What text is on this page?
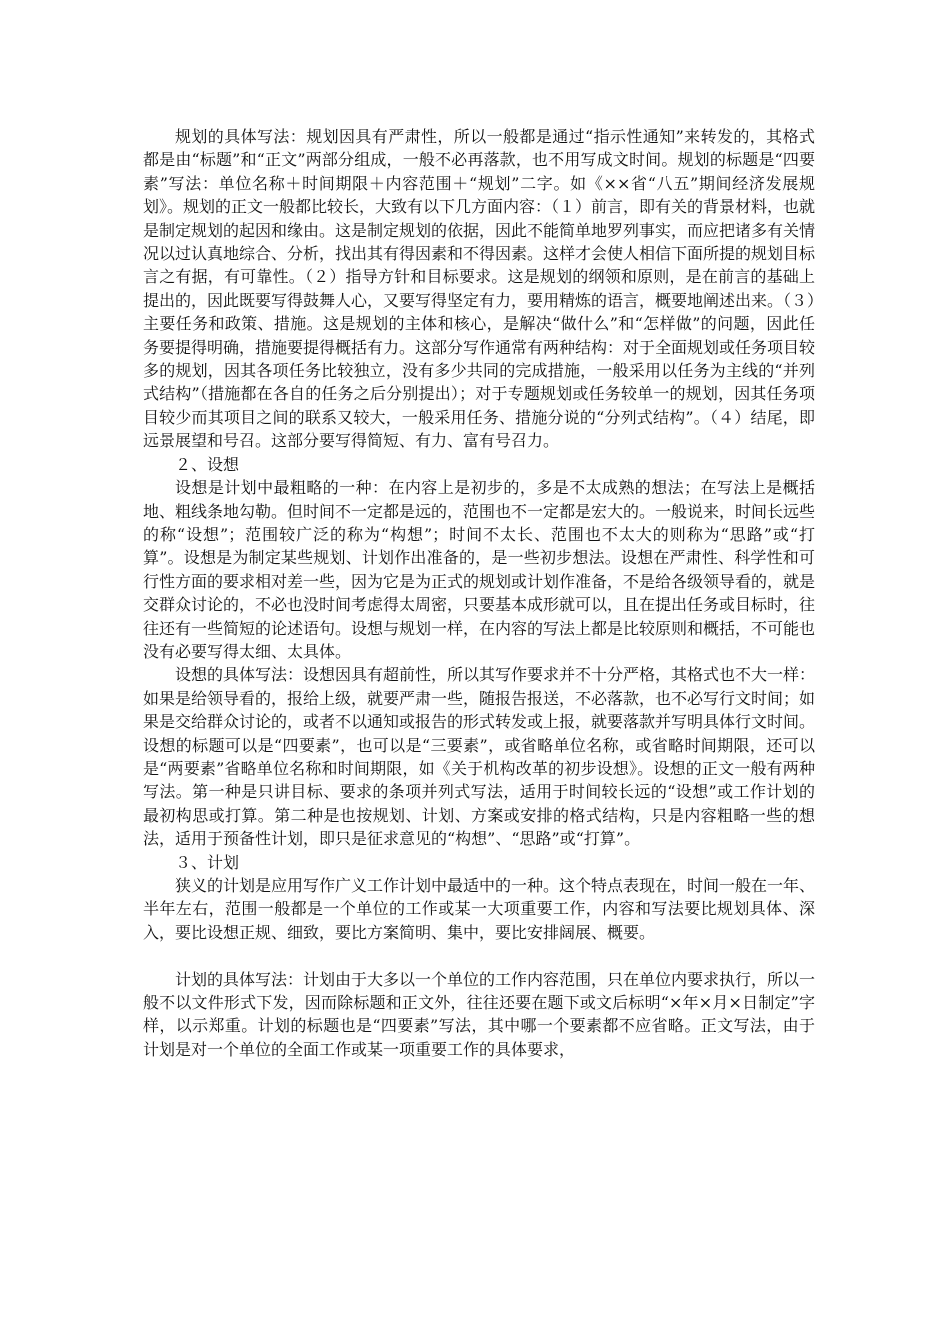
规划的具体写法：规划因具有严肃性，所以一般都是通过“指示性通知”来转发的，其格式都是由“标题”和“正文”两部分组成，一般不必再落款，也不用写成文时间。规划的标题是“四要素”写法：单位名称＋时间期限＋内容范围＋“规划”二字。如《××省“八五”期间经济发展规划》。规划的正文一般都比较长，大致有以下几方面内容：（１）前言，即有关的背景材料，也就是制定规划的起因和缘由。这是制定规划的依据，因此不能简单地罗列事实，而应把诸多有关情况以过认真地综合、分析，找出其有得因素和不得因素。这样才会使人相信下面所提的规划目标言之有据，有可靠性。（２）指导方针和目标要求。这是规划的纲领和原则，是在前言的基础上提出的，因此既要写得鼓舞人心，又要写得坚定有力，要用精炼的语言，概要地阐述出来。（３）主要任务和政策、措施。这是规划的主体和核心，是解决“做什么”和“怎样做”的问题，因此任务要提得明确，措施要提得概括有力。这部分写作通常有两种结构：对于全面规划或任务项目较多的规划，因其各项任务比较独立，没有多少共同的完成措施，一般采用以任务为主线的“并列式结构”（措施都在各自的任务之后分别提出）；对于专题规划或任务较单一的规划，因其任务项目较少而其项目之间的联系又较大，一般采用任务、措施分说的“分列式结构”。（４）结尾，即远景展望和号召。这部分要写得简短、有力、富有号召力。

２、设想

设想是计划中最粗略的一种：在内容上是初步的，多是不太成熟的想法；在写法上是概括地、粗线条地勾勒。但时间不一定都是远的，范围也不一定都是宏大的。一般说来，时间长远些的称“设想”；范围较广泛的称为“构想”；时间不太长、范围也不太大的则称为“思路”或“打算”。设想是为制定某些规划、计划作出准备的，是一些初步想法。设想在严肃性、科学性和可行性方面的要求相对差一些，因为它是为正式的规划或计划作准备，不是给各级领导看的，就是交群众讨论的，不必也没时间考虑得太周密，只要基本成形就可以，且在提出任务或目标时，往往还有一些简短的论述语句。设想与规划一样，在内容的写法上都是比较原则和概括，不可能也没有必要写得太细、太具体。

设想的具体写法：设想因具有超前性，所以其写作要求并不十分严格，其格式也不大一样：如果是给领导看的，报给上级，就要严肃一些，随报告报送，不必落款，也不必写行文时间；如果是交给群众讨论的，或者不以通知或报告的形式转发或上报，就要落款并写明具体行文时间。设想的标题可以是“四要素”，也可以是“三要素”，或省略单位名称，或省略时间期限，还可以是“两要素”省略单位名称和时间期限，如《关于机构改革的初步设想》。设想的正文一般有两种写法。第一种是只讲目标、要求的条项并列式写法，适用于时间较长远的“设想”或工作计划的最初构思或打算。第二种是也按规划、计划、方案或安排的格式结构，只是内容粗略一些的想法，适用于预备性计划，即只是征求意见的“构想”、“思路”或“打算”。

３、计划

狭义的计划是应用写作广义工作计划中最适中的一种。这个特点表现在，时间一般在一年、半年左右，范围一般都是一个单位的工作或某一大项重要工作，内容和写法要比规划具体、深入，要比设想正规、细致，要比方案简明、集中，要比安排阔展、概要。

计划的具体写法：计划由于大多以一个单位的工作内容范围，只在单位内要求执行，所以一般不以文件形式下发，因而除标题和正文外，往往还要在题下或文后标明“×年×月×日制定”字样，以示郑重。计划的标题也是“四要素”写法，其中哪一个要素都不应省略。正文写法，由于计划是对一个单位的全面工作或某一项重要工作的具体要求，
